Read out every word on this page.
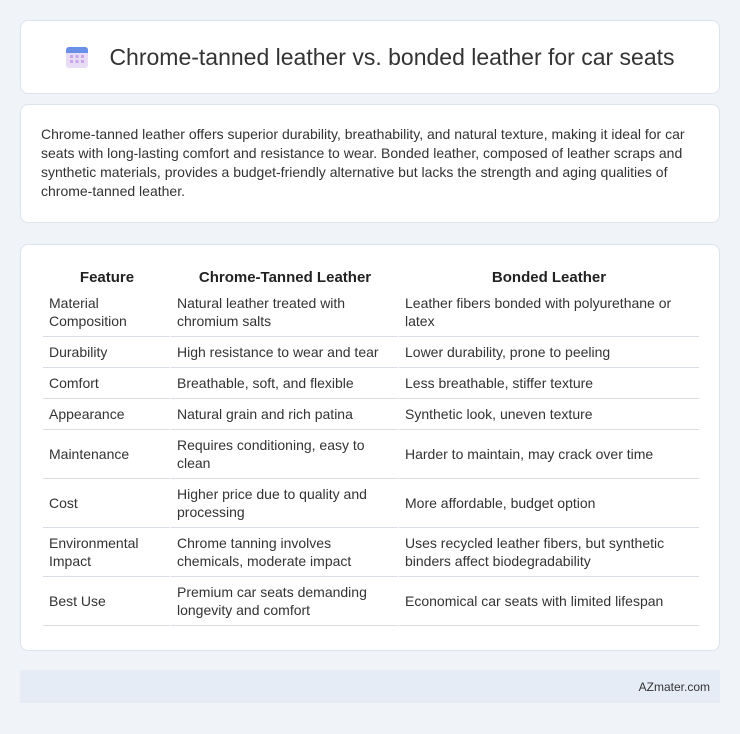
Chrome-tanned leather vs. bonded leather for car seats

Chrome-tanned leather offers superior durability, breathability, and natural texture, making it ideal for car seats with long-lasting comfort and resistance to wear. Bonded leather, composed of leather scraps and synthetic materials, provides a budget-friendly alternative but lacks the strength and aging qualities of chrome-tanned leather.

Feature	Chrome-Tanned Leather	Bonded Leather
Material Composition	Natural leather treated with chromium salts	Leather fibers bonded with polyurethane or latex
Durability	High resistance to wear and tear	Lower durability, prone to peeling
Comfort	Breathable, soft, and flexible	Less breathable, stiffer texture
Appearance	Natural grain and rich patina	Synthetic look, uneven texture
Maintenance	Requires conditioning, easy to clean	Harder to maintain, may crack over time
Cost	Higher price due to quality and processing	More affordable, budget option
Environmental Impact	Chrome tanning involves chemicals, moderate impact	Uses recycled leather fibers, but synthetic binders affect biodegradability
Best Use	Premium car seats demanding longevity and comfort	Economical car seats with limited lifespan
AZmater.com
